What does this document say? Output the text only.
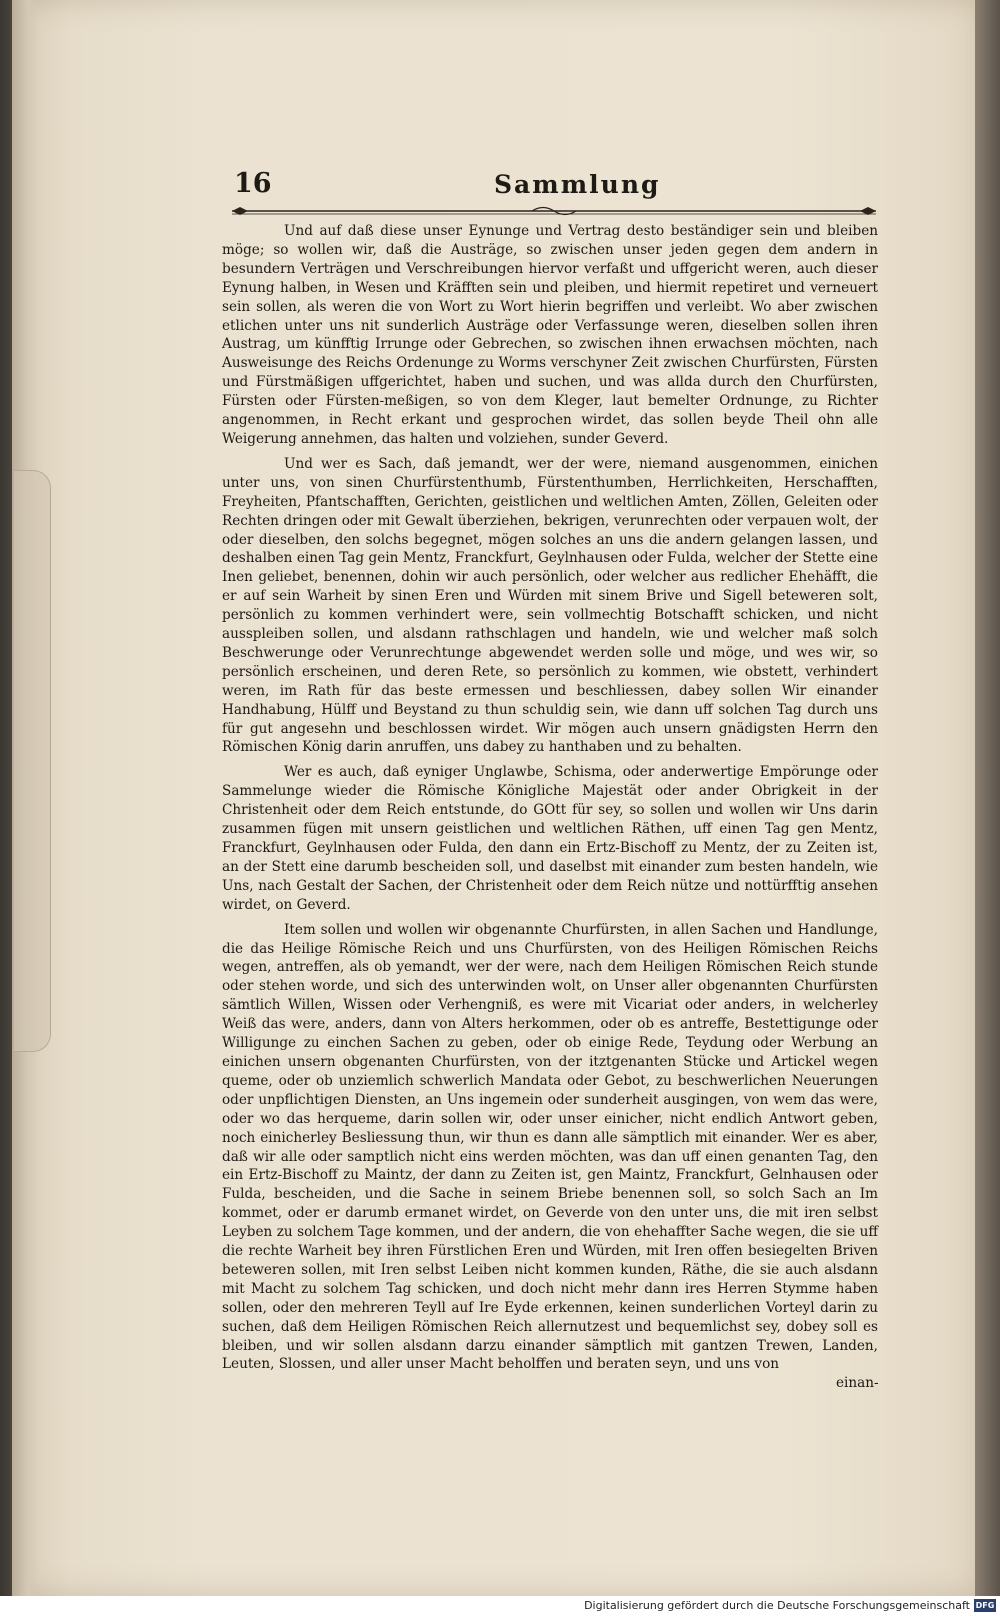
16	Sammlung

Und auf daß diese unser Eynunge und Vertrag desto beständiger sein und bleiben möge; so wollen wir, daß die Austräge, so zwischen unser jeden gegen dem andern in besundern Verträgen und Verschreibungen hiervor verfaßt und uffgericht weren, auch dieser Eynung halben, in Wesen und Kräfften sein und pleiben, und hiermit repetiret und verneuert sein sollen, als weren die von Wort zu Wort hierin begriffen und verleibt. Wo aber zwischen etlichen unter uns nit sunderlich Austräge oder Verfassunge weren, dieselben sollen ihren Austrag, um künfftig Irrunge oder Gebrechen, so zwischen ihnen erwachsen möchten, nach Ausweisunge des Reichs Ordenunge zu Worms verschyner Zeit zwischen Churfürsten, Fürsten und Fürstmäßigen uffgerichtet, haben und suchen, und was allda durch den Churfürsten, Fürsten oder Fürsten-meßigen, so von dem Kleger, laut bemelter Ordnunge, zu Richter angenommen, in Recht erkant und gesprochen wirdet, das sollen beyde Theil ohn alle Weigerung annehmen, das halten und volziehen, sunder Geverd.

Und wer es Sach, daß jemandt, wer der were, niemand ausgenommen, einichen unter uns, von sinen Churfürstenthumb, Fürstenthumben, Herrlichkeiten, Herschafften, Freyheiten, Pfantschafften, Gerichten, geistlichen und weltlichen Amten, Zöllen, Geleiten oder Rechten dringen oder mit Gewalt überziehen, bekrigen, verunrechten oder verpauen wolt, der oder dieselben, den solchs begegnet, mögen solches an uns die andern gelangen lassen, und deshalben einen Tag gein Mentz, Franckfurt, Geylnhausen oder Fulda, welcher der Stette eine Inen geliebet, benennen, dohin wir auch persönlich, oder welcher aus redlicher Ehehäfft, die er auf sein Warheit by sinen Eren und Würden mit sinem Brive und Sigell beteweren solt, persönlich zu kommen verhindert were, sein vollmechtig Botschafft schicken, und nicht ausspleiben sollen, und alsdann rathschlagen und handeln, wie und welcher maß solch Beschwerunge oder Verunrechtunge abgewendet werden solle und möge, und wes wir, so persönlich erscheinen, und deren Rete, so persönlich zu kommen, wie obstett, verhindert weren, im Rath für das beste ermessen und beschliessen, dabey sollen Wir einander Handhabung, Hülff und Beystand zu thun schuldig sein, wie dann uff solchen Tag durch uns für gut angesehn und beschlossen wirdet. Wir mögen auch unsern gnädigsten Herrn den Römischen König darin anruffen, uns dabey zu hanthaben und zu behalten.

Wer es auch, daß eyniger Unglawbe, Schisma, oder anderwertige Empörunge oder Sammelunge wieder die Römische Königliche Majestät oder ander Obrigkeit in der Christenheit oder dem Reich entstunde, do GOtt für sey, so sollen und wollen wir Uns darin zusammen fügen mit unsern geistlichen und weltlichen Räthen, uff einen Tag gen Mentz, Franckfurt, Geylnhausen oder Fulda, den dann ein Ertz-Bischoff zu Mentz, der zu Zeiten ist, an der Stett eine darumb bescheiden soll, und daselbst mit einander zum besten handeln, wie Uns, nach Gestalt der Sachen, der Christenheit oder dem Reich nütze und nottürfftig ansehen wirdet, on Geverd.

Item sollen und wollen wir obgenannte Churfürsten, in allen Sachen und Handlunge, die das Heilige Römische Reich und uns Churfürsten, von des Heiligen Römischen Reichs wegen, antreffen, als ob yemandt, wer der were, nach dem Heiligen Römischen Reich stunde oder stehen worde, und sich des unterwinden wolt, on Unser aller obgenannten Churfürsten sämtlich Willen, Wissen oder Verhengniß, es were mit Vicariat oder anders, in welcherley Weiß das were, anders, dann von Alters herkommen, oder ob es antreffe, Bestettigunge oder Willigunge zu einchen Sachen zu geben, oder ob einige Rede, Teydung oder Werbung an einichen unsern obgenanten Churfürsten, von der itztgenanten Stücke und Artickel wegen queme, oder ob unziemlich schwerlich Mandata oder Gebot, zu beschwerlichen Neuerungen oder unpflichtigen Diensten, an Uns ingemein oder sunderheit ausgingen, von wem das were, oder wo das herqueme, darin sollen wir, oder unser einicher, nicht endlich Antwort geben, noch einicherley Besliessung thun, wir thun es dann alle sämptlich mit einander. Wer es aber, daß wir alle oder samptlich nicht eins werden möchten, was dan uff einen genanten Tag, den ein Ertz-Bischoff zu Maintz, der dann zu Zeiten ist, gen Maintz, Franckfurt, Gelnhausen oder Fulda, bescheiden, und die Sache in seinem Briebe benennen soll, so solch Sach an Im kommet, oder er darumb ermanet wirdet, on Geverde von den unter uns, die mit iren selbst Leyben zu solchem Tage kommen, und der andern, die von ehehaffter Sache wegen, die sie uff die rechte Warheit bey ihren Fürstlichen Eren und Würden, mit Iren offen besiegelten Briven beteweren sollen, mit Iren selbst Leiben nicht kommen kunden, Räthe, die sie auch alsdann mit Macht zu solchem Tag schicken, und doch nicht mehr dann ires Herren Stymme haben sollen, oder den mehreren Teyll auf Ire Eyde erkennen, keinen sunderlichen Vorteyl darin zu suchen, daß dem Heiligen Römischen Reich allernutzest und bequemlichst sey, dobey soll es bleiben, und wir sollen alsdann darzu einander sämptlich mit gantzen Trewen, Landen, Leuten, Slossen, und aller unser Macht beholffen und beraten seyn, und uns von

einan-
Digitalisierung gefördert durch die Deutsche Forschungsgemeinschaft DFG
